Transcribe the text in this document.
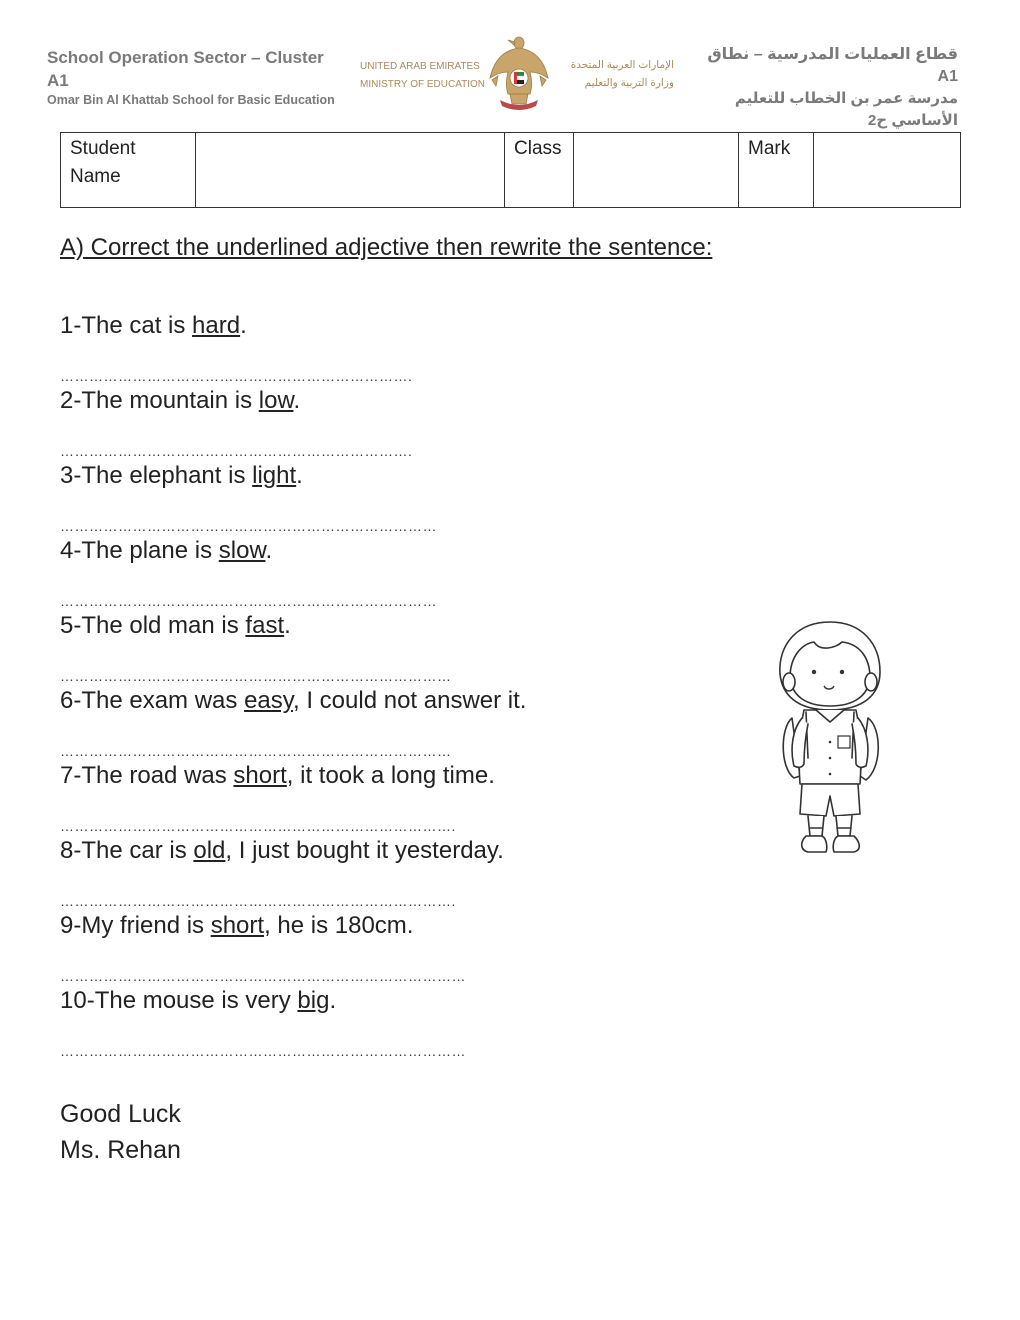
School Operation Sector – Cluster
A1
Omar Bin Al Khattab School for Basic Education
UNITED ARAB EMIRATES
MINISTRY OF EDUCATION
الإمارات العربية المتحدة
وزارة التربية والتعليم
قطاع العمليات المدرسية – نطاق A1
مدرسة عمر بن الخطاب للتعليم الأساسي ح2
Student
Name
		Class		Mark	
A) Correct the underlined adjective then rewrite the sentence:
1-The cat is hard.
……………………………………………………………….
2-The mountain is low.
……………………………………………………………….
3-The elephant is light.
……………………………………………………………………
4-The plane is slow.
……………………………………………………………………
5-The old man is fast.
………………………………………………………………………
6-The exam was easy, I could not answer it.
………………………………………………………………………
7-The road was short, it took a long time.
……………………………………………………………………….
8-The car is old, I just bought it yesterday.
……………………………………………………………………….
9-My friend is short, he is 180cm.
…………………………………………………………………………
10-The mouse is very big.
…………………………………………………………………………
Good Luck
Ms. Rehan
